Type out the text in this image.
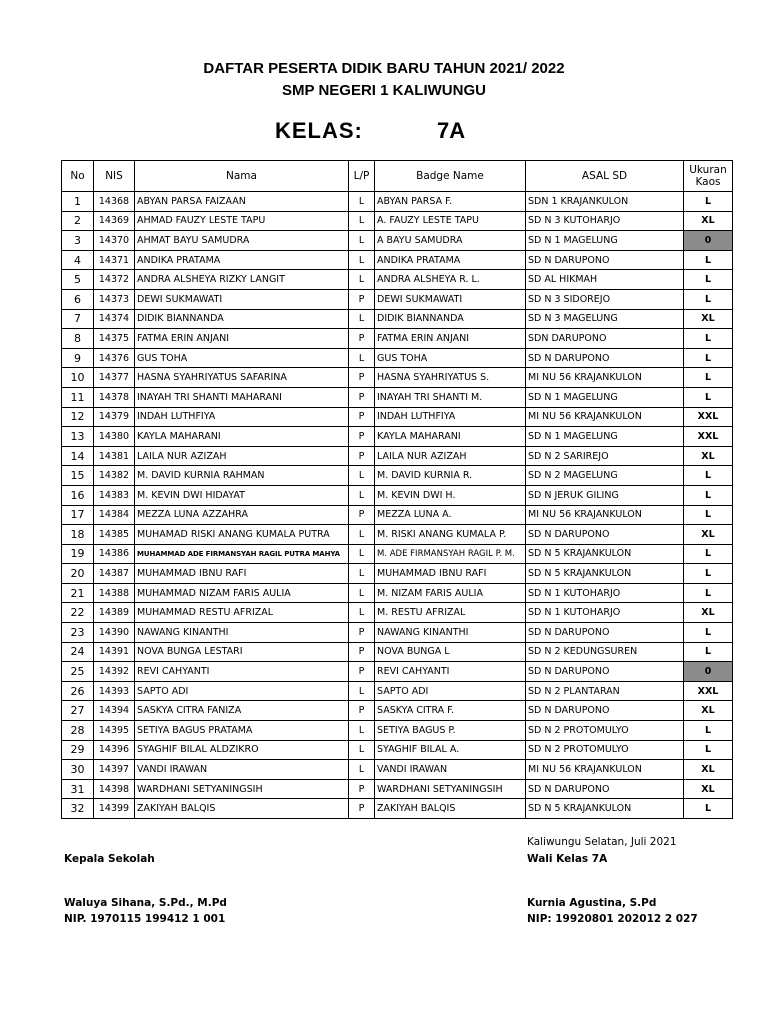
DAFTAR PESERTA DIDIK BARU TAHUN 2021/ 2022
SMP NEGERI 1 KALIWUNGU
KELAS:	7A
No	NIS	Nama	L/P	Badge Name	ASAL SD	Ukuran Kaos
1	14368	ABYAN PARSA FAIZAAN	L	ABYAN PARSA F.	SDN 1 KRAJANKULON	L
2	14369	AHMAD FAUZY LESTE TAPU	L	A. FAUZY LESTE TAPU	SD N 3 KUTOHARJO	XL
3	14370	AHMAT BAYU SAMUDRA	L	A BAYU SAMUDRA	SD N 1 MAGELUNG	0
4	14371	ANDIKA PRATAMA	L	ANDIKA PRATAMA	SD N DARUPONO	L
5	14372	ANDRA ALSHEYA RIZKY LANGIT	L	ANDRA ALSHEYA R. L.	SD AL HIKMAH	L
6	14373	DEWI SUKMAWATI	P	DEWI SUKMAWATI	SD N 3 SIDOREJO	L
7	14374	DIDIK BIANNANDA	L	DIDIK BIANNANDA	SD N 3 MAGELUNG	XL
8	14375	FATMA ERIN ANJANI	P	FATMA ERIN ANJANI	SDN DARUPONO	L
9	14376	GUS TOHA	L	GUS TOHA	SD N DARUPONO	L
10	14377	HASNA SYAHRIYATUS SAFARINA	P	HASNA SYAHRIYATUS S.	MI NU 56 KRAJANKULON	L
11	14378	INAYAH TRI SHANTI MAHARANI	P	INAYAH TRI SHANTI M.	SD N 1 MAGELUNG	L
12	14379	INDAH LUTHFIYA	P	INDAH LUTHFIYA	MI NU 56 KRAJANKULON	XXL
13	14380	KAYLA MAHARANI	P	KAYLA MAHARANI	SD N 1 MAGELUNG	XXL
14	14381	LAILA NUR AZIZAH	P	LAILA NUR AZIZAH	SD N 2 SARIREJO	XL
15	14382	M. DAVID KURNIA RAHMAN	L	M. DAVID KURNIA R.	SD N 2 MAGELUNG	L
16	14383	M. KEVIN DWI HIDAYAT	L	M. KEVIN DWI H.	SD N JERUK GILING	L
17	14384	MEZZA LUNA AZZAHRA	P	MEZZA LUNA A.	MI NU 56 KRAJANKULON	L
18	14385	MUHAMAD RISKI ANANG KUMALA PUTRA	L	M. RISKI ANANG KUMALA P.	SD N DARUPONO	XL
19	14386	MUHAMMAD ADE FIRMANSYAH RAGIL PUTRA MAHYA	L	M. ADE FIRMANSYAH RAGIL P. M.	SD N 5 KRAJANKULON	L
20	14387	MUHAMMAD IBNU RAFI	L	MUHAMMAD IBNU RAFI	SD N 5 KRAJANKULON	L
21	14388	MUHAMMAD NIZAM FARIS AULIA	L	M. NIZAM FARIS AULIA	SD N 1 KUTOHARJO	L
22	14389	MUHAMMAD RESTU AFRIZAL	L	M. RESTU AFRIZAL	SD N 1 KUTOHARJO	XL
23	14390	NAWANG KINANTHI	P	NAWANG KINANTHI	SD N DARUPONO	L
24	14391	NOVA BUNGA LESTARI	P	NOVA BUNGA L	SD N 2 KEDUNGSUREN	L
25	14392	REVI CAHYANTI	P	REVI CAHYANTI	SD N DARUPONO	0
26	14393	SAPTO ADI	L	SAPTO ADI	SD N 2 PLANTARAN	XXL
27	14394	SASKYA CITRA FANIZA	P	SASKYA CITRA F.	SD N DARUPONO	XL
28	14395	SETIYA BAGUS PRATAMA	L	SETIYA BAGUS P.	SD N 2 PROTOMULYO	L
29	14396	SYAGHIF BILAL ALDZIKRO	L	SYAGHIF BILAL A.	SD N 2 PROTOMULYO	L
30	14397	VANDI IRAWAN	L	VANDI IRAWAN	MI NU 56 KRAJANKULON	XL
31	14398	WARDHANI SETYANINGSIH	P	WARDHANI SETYANINGSIH	SD N DARUPONO	XL
32	14399	ZAKIYAH BALQIS	P	ZAKIYAH BALQIS	SD N 5 KRAJANKULON	L
Kaliwungu Selatan, Juli 2021
Kepala Sekolah	Wali Kelas 7A
Waluya Sihana, S.Pd., M.Pd
NIP. 1970115 199412 1 001
Kurnia Agustina, S.Pd
NIP: 19920801 202012 2 027
